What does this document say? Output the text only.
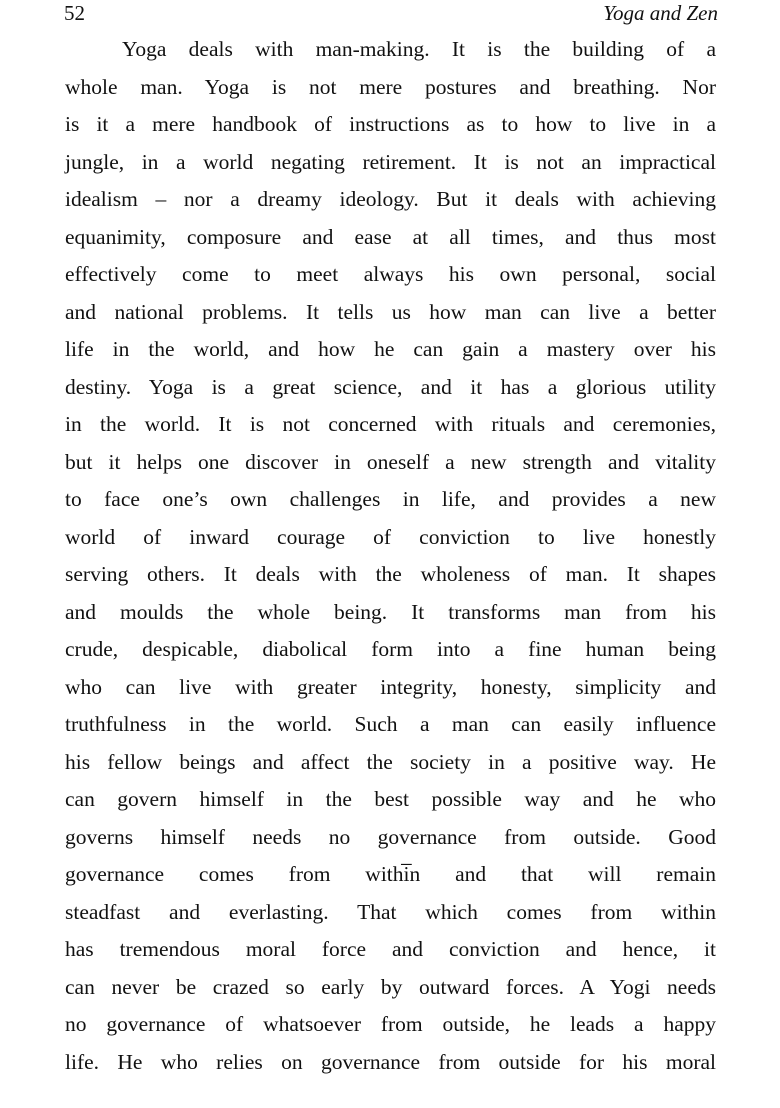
52	Yoga and Zen
Yoga deals with man-making. It is the building of a
whole man. Yoga is not mere postures and breathing. Nor
is it a mere handbook of instructions as to how to live in a
jungle, in a world negating retirement. It is not an impractical
idealism – nor a dreamy ideology. But it deals with achieving
equanimity, composure and ease at all times, and thus most
effectively come to meet always his own personal, social
and national problems. It tells us how man can live a better
life in the world, and how he can gain a mastery over his
destiny. Yoga is a great science, and it has a glorious utility
in the world. It is not concerned with rituals and ceremonies,
but it helps one discover in oneself a new strength and vitality
to face one’s own challenges in life, and provides a new
world of inward courage of conviction to live honestly
serving others. It deals with the wholeness of man. It shapes
and moulds the whole being. It transforms man from his
crude, despicable, diabolical form into a fine human being
who can live with greater integrity, honesty, simplicity and
truthfulness in the world. Such a man can easily influence
his fellow beings and affect the society in a positive way. He
can govern himself in the best possible way and he who
governs himself needs no governance from outside. Good
governance comes from withi̅n and that will remain
steadfast and everlasting. That which comes from within
has tremendous moral force and conviction and hence, it
can never be crazed so early by outward forces. A Yogi needs
no governance of whatsoever from outside, he leads a happy
life. He who relies on governance from outside for his moral
